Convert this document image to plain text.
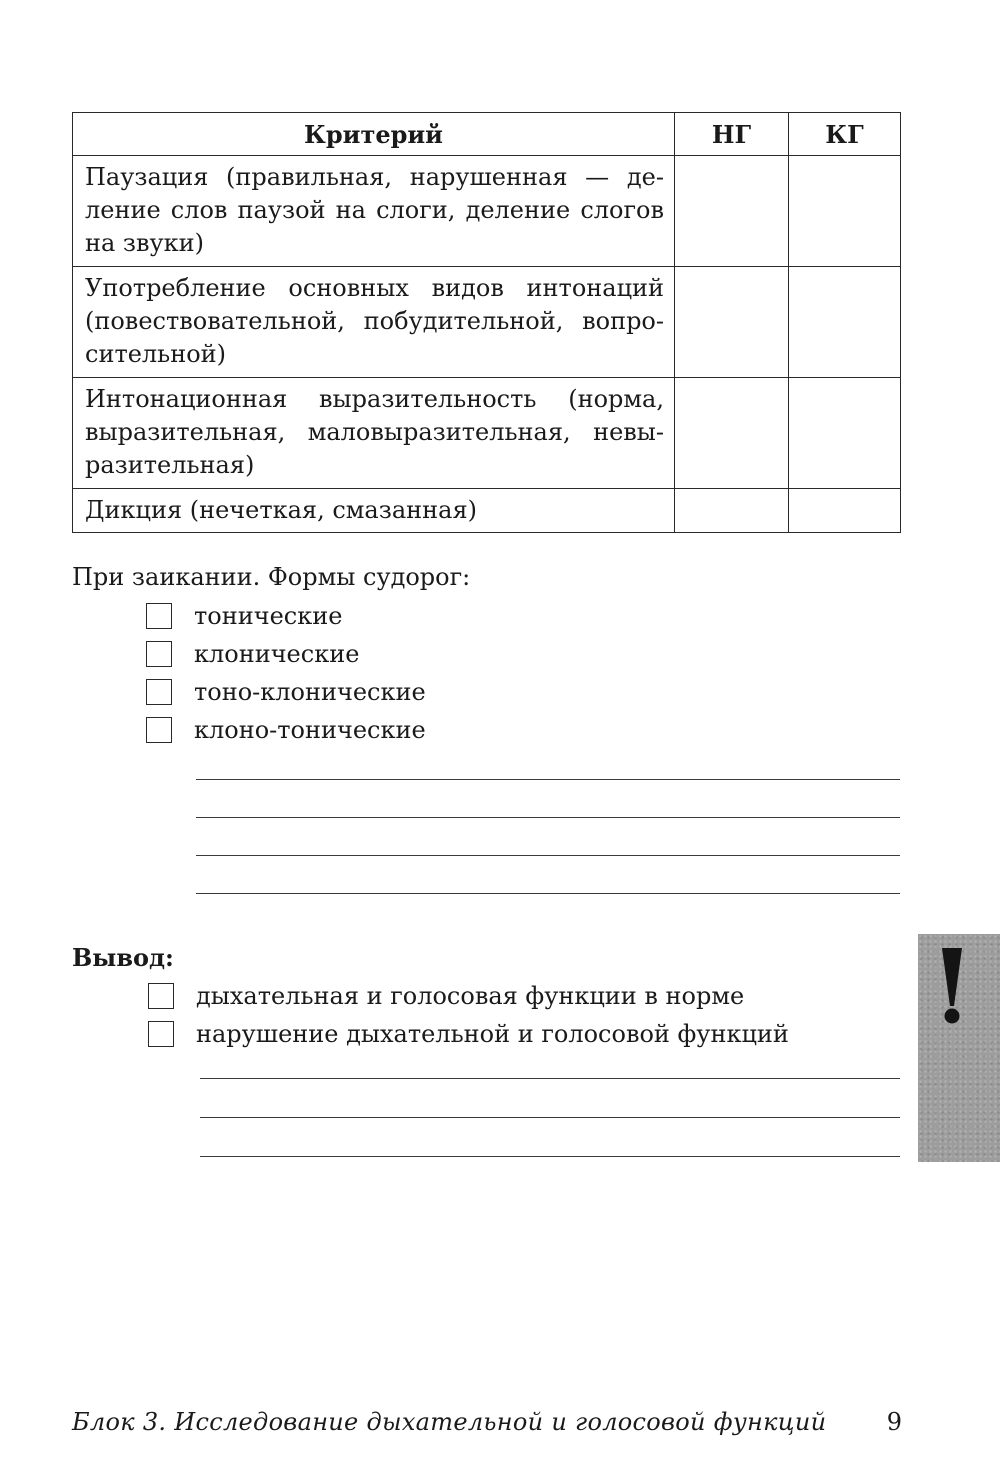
Критерий	НГ	КГ
Паузация (правильная, нарушенная — деление слов паузой на слоги, деление слогов на звуки)		
Употребление основных видов интонаций (повествовательной, побудительной, вопросительной)		
Интонационная выразительность (норма, выразительная, маловыразительная, невыразительная)		
Дикция (нечеткая, смазанная)		
При заикании. Формы судорог:
тонические
клонические
тоно-клонические
клоно-тонические
Вывод:
дыхательная и голосовая функции в норме
нарушение дыхательной и голосовой функций
Блок 3. Исследование дыхательной и голосовой функций	9
